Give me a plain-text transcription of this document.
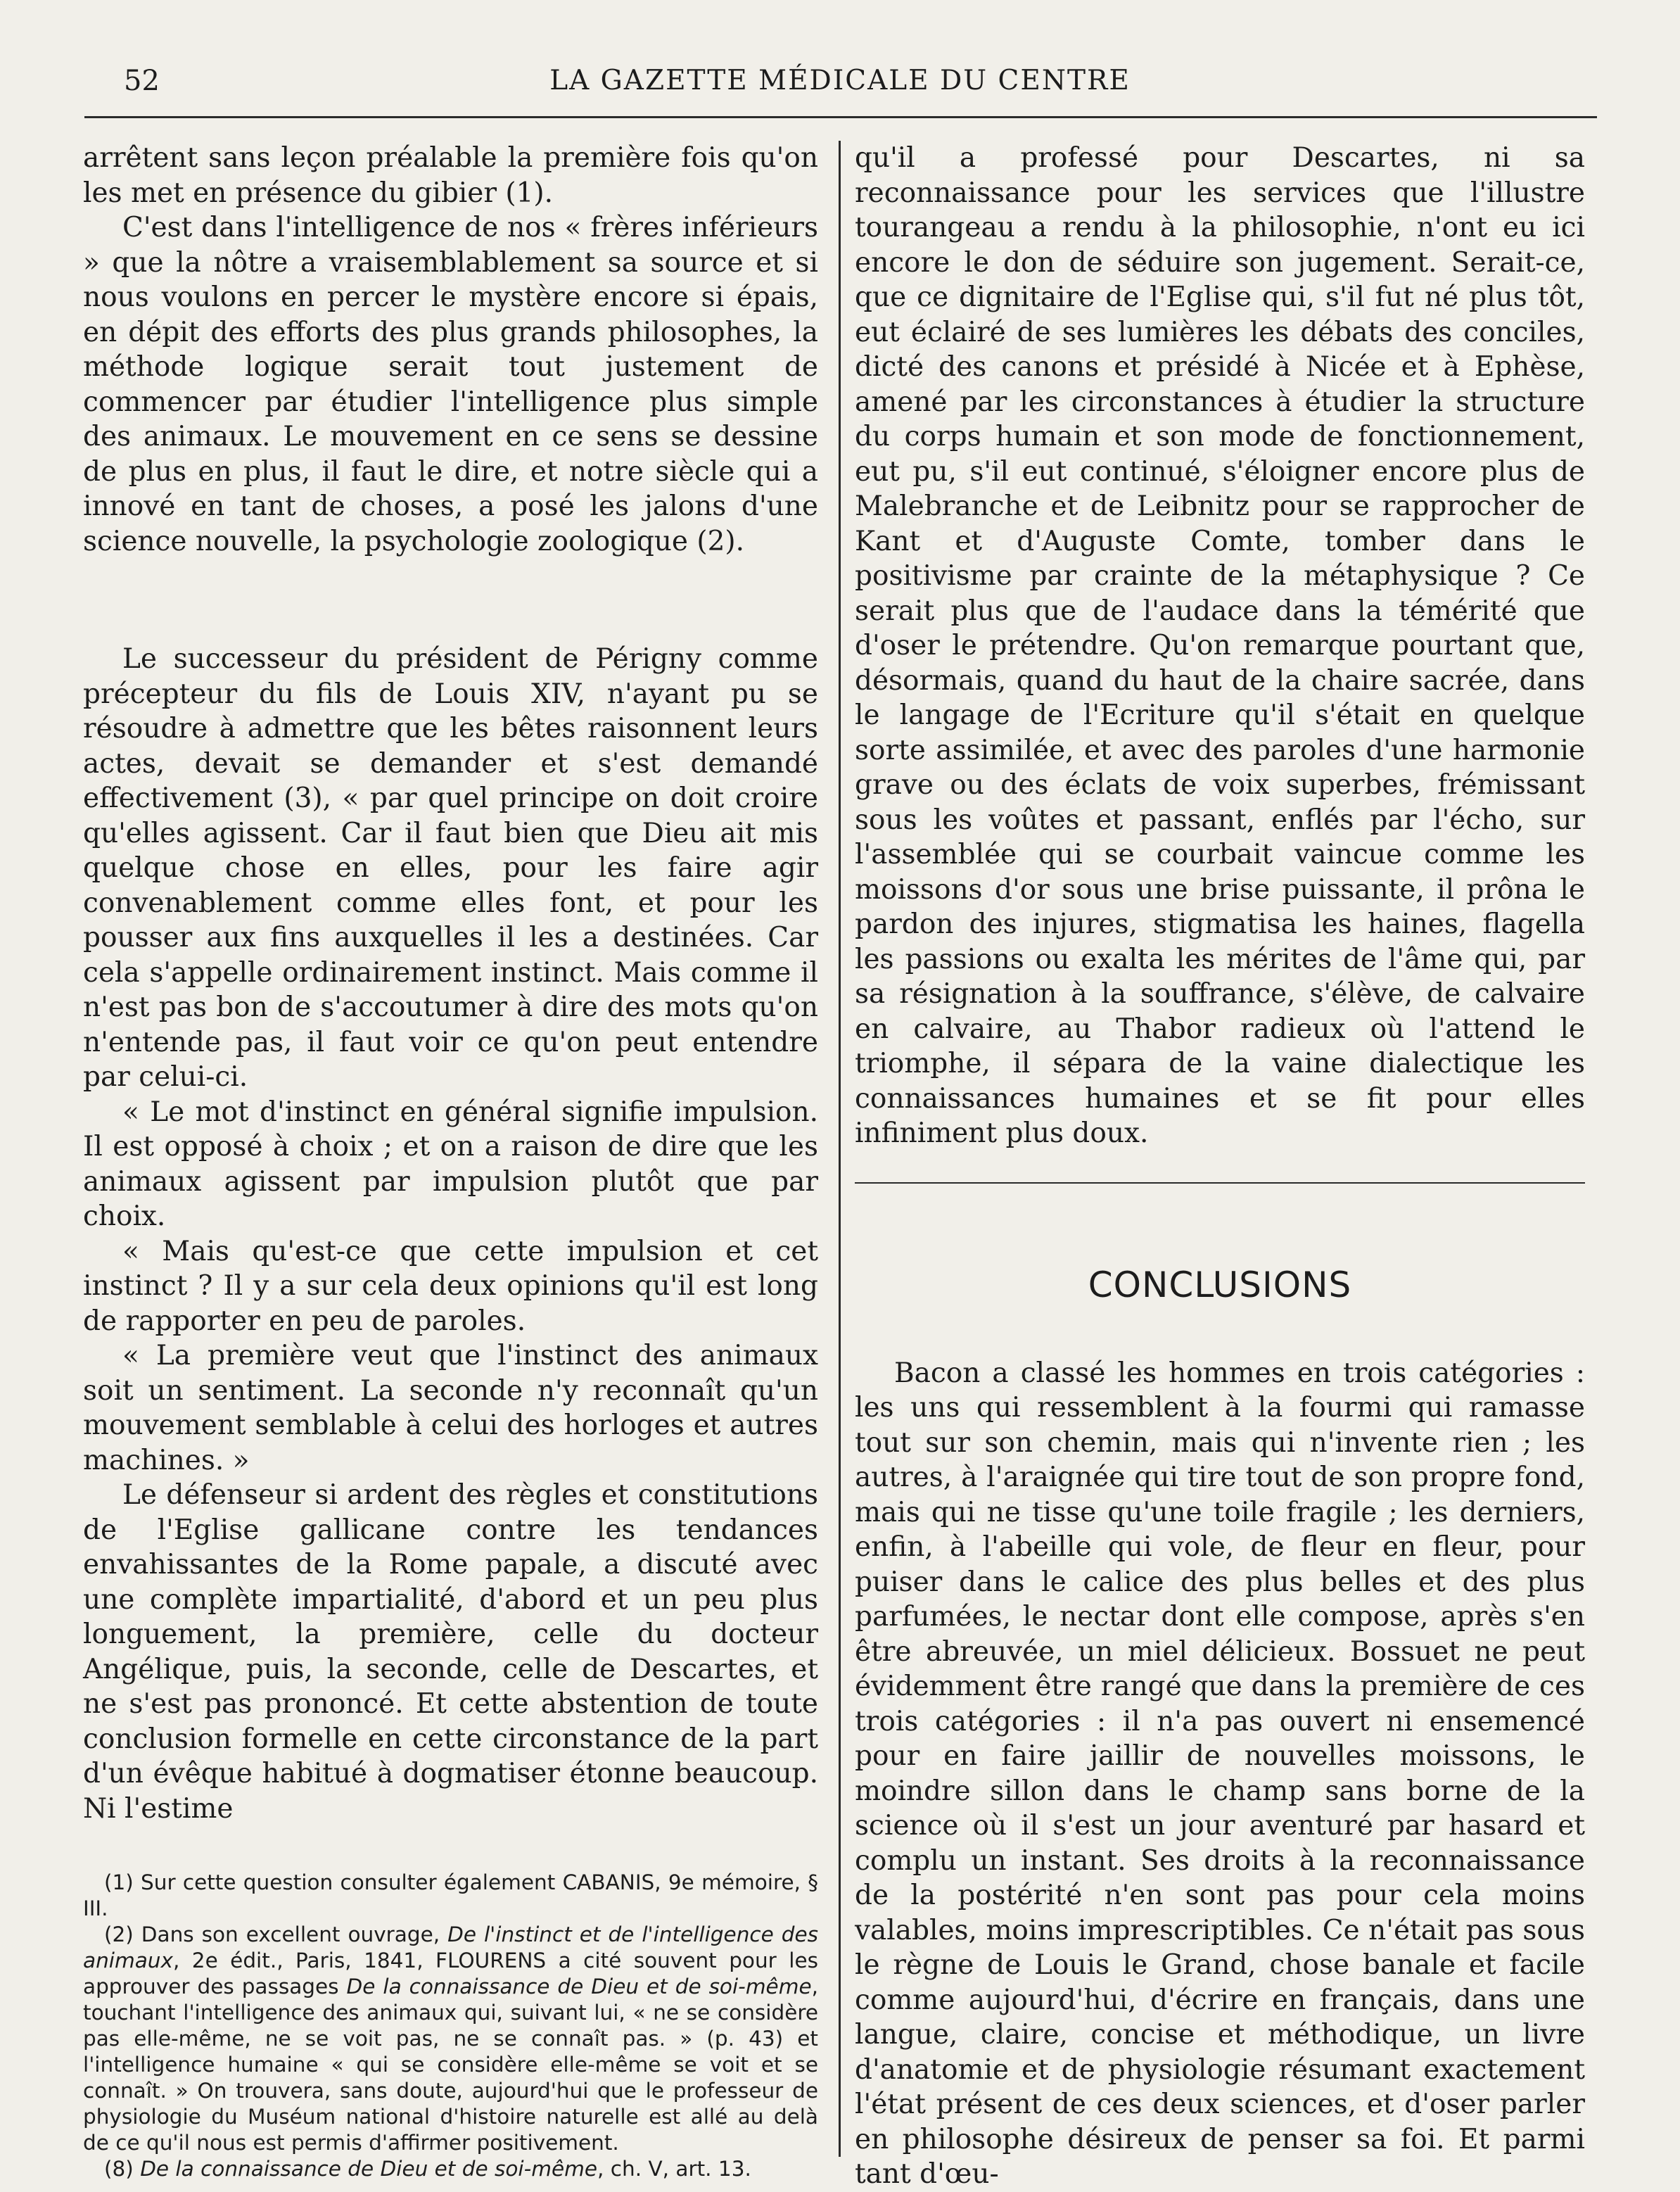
52	LA GAZETTE MÉDICALE DU CENTRE

arrêtent sans leçon préalable la première fois qu'on les met en présence du gibier (1).

C'est dans l'intelligence de nos « frères inférieurs » que la nôtre a vraisemblablement sa source et si nous voulons en percer le mystère encore si épais, en dépit des efforts des plus grands philosophes, la méthode logique serait tout justement de commencer par étudier l'intelligence plus simple des animaux. Le mouvement en ce sens se dessine de plus en plus, il faut le dire, et notre siècle qui a innové en tant de choses, a posé les jalons d'une science nouvelle, la psychologie zoologique (2).

Le successeur du président de Périgny comme précepteur du fils de Louis XIV, n'ayant pu se résoudre à admettre que les bêtes raisonnent leurs actes, devait se demander et s'est demandé effectivement (3), « par quel principe on doit croire qu'elles agissent. Car il faut bien que Dieu ait mis quelque chose en elles, pour les faire agir convenablement comme elles font, et pour les pousser aux fins auxquelles il les a destinées. Car cela s'appelle ordinairement instinct. Mais comme il n'est pas bon de s'accoutumer à dire des mots qu'on n'entende pas, il faut voir ce qu'on peut entendre par celui-ci.

« Le mot d'instinct en général signifie impulsion. Il est opposé à choix ; et on a raison de dire que les animaux agissent par impulsion plutôt que par choix.

« Mais qu'est-ce que cette impulsion et cet instinct ? Il y a sur cela deux opinions qu'il est long de rapporter en peu de paroles.

« La première veut que l'instinct des animaux soit un sentiment. La seconde n'y reconnaît qu'un mouvement semblable à celui des horloges et autres machines. »

Le défenseur si ardent des règles et constitutions de l'Eglise gallicane contre les tendances envahissantes de la Rome papale, a discuté avec une complète impartialité, d'abord et un peu plus longuement, la première, celle du docteur Angélique, puis, la seconde, celle de Descartes, et ne s'est pas prononcé. Et cette abstention de toute conclusion formelle en cette circonstance de la part d'un évêque habitué à dogmatiser étonne beaucoup. Ni l'estime

(1) Sur cette question consulter également CABANIS, 9e mémoire, § III.

(2) Dans son excellent ouvrage, De l'instinct et de l'intelligence des animaux, 2e édit., Paris, 1841, FLOURENS a cité souvent pour les approuver des passages De la connaissance de Dieu et de soi-même, touchant l'intelligence des animaux qui, suivant lui, « ne se considère pas elle-même, ne se voit pas, ne se connaît pas. » (p. 43) et l'intelligence humaine « qui se considère elle-même se voit et se connaît. » On trouvera, sans doute, aujourd'hui que le professeur de physiologie du Muséum national d'histoire naturelle est allé au delà de ce qu'il nous est permis d'affirmer positivement.

(8) De la connaissance de Dieu et de soi-même, ch. V, art. 13.

qu'il a professé pour Descartes, ni sa reconnaissance pour les services que l'illustre tourangeau a rendu à la philosophie, n'ont eu ici encore le don de séduire son jugement. Serait-ce, que ce dignitaire de l'Eglise qui, s'il fut né plus tôt, eut éclairé de ses lumières les débats des conciles, dicté des canons et présidé à Nicée et à Ephèse, amené par les circonstances à étudier la structure du corps humain et son mode de fonctionnement, eut pu, s'il eut continué, s'éloigner encore plus de Malebranche et de Leibnitz pour se rapprocher de Kant et d'Auguste Comte, tomber dans le positivisme par crainte de la métaphysique ? Ce serait plus que de l'audace dans la témérité que d'oser le prétendre. Qu'on remarque pourtant que, désormais, quand du haut de la chaire sacrée, dans le langage de l'Ecriture qu'il s'était en quelque sorte assimilée, et avec des paroles d'une harmonie grave ou des éclats de voix superbes, frémissant sous les voûtes et passant, enflés par l'écho, sur l'assemblée qui se courbait vaincue comme les moissons d'or sous une brise puissante, il prôna le pardon des injures, stigmatisa les haines, flagella les passions ou exalta les mérites de l'âme qui, par sa résignation à la souffrance, s'élève, de calvaire en calvaire, au Thabor radieux où l'attend le triomphe, il sépara de la vaine dialectique les connaissances humaines et se fit pour elles infiniment plus doux.

CONCLUSIONS

Bacon a classé les hommes en trois catégories : les uns qui ressemblent à la fourmi qui ramasse tout sur son chemin, mais qui n'invente rien ; les autres, à l'araignée qui tire tout de son propre fond, mais qui ne tisse qu'une toile fragile ; les derniers, enfin, à l'abeille qui vole, de fleur en fleur, pour puiser dans le calice des plus belles et des plus parfumées, le nectar dont elle compose, après s'en être abreuvée, un miel délicieux. Bossuet ne peut évidemment être rangé que dans la première de ces trois catégories : il n'a pas ouvert ni ensemencé pour en faire jaillir de nouvelles moissons, le moindre sillon dans le champ sans borne de la science où il s'est un jour aventuré par hasard et complu un instant. Ses droits à la reconnaissance de la postérité n'en sont pas pour cela moins valables, moins imprescriptibles. Ce n'était pas sous le règne de Louis le Grand, chose banale et facile comme aujourd'hui, d'écrire en français, dans une langue, claire, concise et méthodique, un livre d'anatomie et de physiologie résumant exactement l'état présent de ces deux sciences, et d'oser parler en philosophe désireux de penser sa foi. Et parmi tant d'œu-
